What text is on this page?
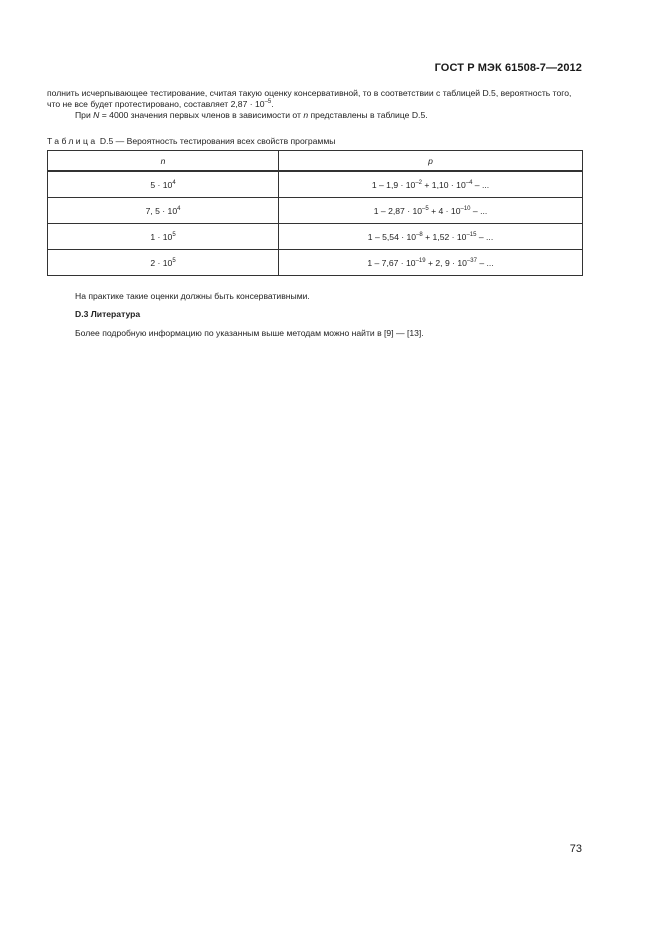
ГОСТ Р МЭК 61508-7—2012
полнить исчерпывающее тестирование, считая такую оценку консервативной, то в соответствии с таблицей D.5, вероятность того, что не все будет протестировано, составляет $2,87 \cdot 10^{-5}$.
При N = 4000 значения первых членов в зависимости от n представлены в таблице D.5.
Таблица D.5 — Вероятность тестирования всех свойств программы
n	p
$5 \cdot 10^4$	$1 - 1,9 \cdot 10^{-2} + 1,10 \cdot 10^{-4}$ – ...
7, $5 \cdot 10^4$	$1 - 2,87 \cdot 10^{-5} + 4 \cdot 10^{-10}$ – ...
$1 \cdot 10^5$	$1 - 5,54 \cdot 10^{-8} + 1,52 \cdot 10^{-15}$ – ...
$2 \cdot 10^5$	$1 - 7,67 \cdot 10^{-19} + 2$, $9 \cdot 10^{-37}$ – ...
На практике такие оценки должны быть консервативными.
D.3 Литература
Более подробную информацию по указанным выше методам можно найти в [9] — [13].
73
